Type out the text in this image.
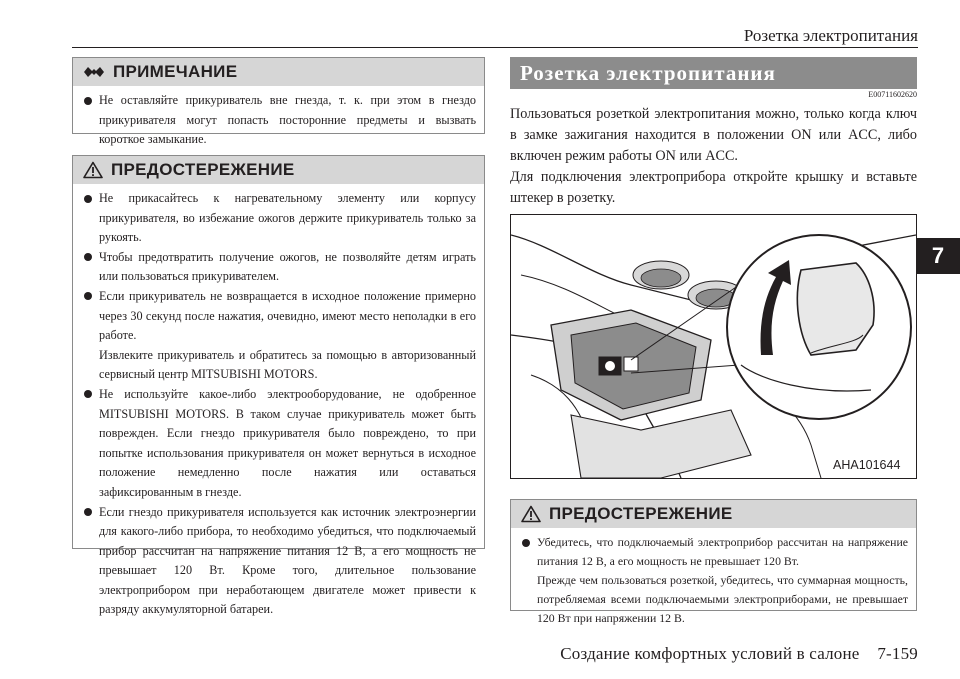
Розетка электропитания
7
ПРИМЕЧАНИЕ
Не оставляйте прикуриватель вне гнезда, т. к. при этом в гнездо прикуривателя могут попасть посторонние предметы и вызвать короткое замыкание.
ПРЕДОСТЕРЕЖЕНИЕ
Не прикасайтесь к нагревательному элементу или корпусу прикуривателя, во избежание ожогов держите прикуриватель только за рукоять.
Чтобы предотвратить получение ожогов, не позволяйте детям играть или пользоваться прикуривателем.
Если прикуриватель не возвращается в исходное положение примерно через 30 секунд после нажатия, очевидно, имеют место неполадки в его работе.
Извлеките прикуриватель и обратитесь за помощью в авторизованный сервисный центр MITSUBISHI MOTORS.
Не используйте какое-либо электрооборудование, не одобренное MITSUBISHI MOTORS. В таком случае прикуриватель может быть поврежден. Если гнездо прикуривателя было повреждено, то при попытке использования прикуривателя он может вернуться в исходное положение немедленно после нажатия или оставаться зафиксированным в гнезде.
Если гнездо прикуривателя используется как источник электроэнергии для какого-либо прибора, то необходимо убедиться, что подключаемый прибор рассчитан на напряжение питания 12 В, а его мощность не превышает 120 Вт. Кроме того, длительное пользование электроприбором при неработающем двигателе может привести к разряду аккумуляторной батареи.
Розетка электропитания
E00711602620

Пользоваться розеткой электропитания можно, только когда ключ в замке зажигания находится в положении ON или ACC, либо включен режим работы ON или ACC.

Для подключения электроприбора откройте крышку и вставьте штекер в розетку.

AHA101644
ПРЕДОСТЕРЕЖЕНИЕ
Убедитесь, что подключаемый электроприбор рассчитан на напряжение питания 12 В, а его мощность не превышает 120 Вт.
Прежде чем пользоваться розеткой, убедитесь, что суммарная мощность, потребляемая всеми подключаемыми электроприборами, не превышает 120 Вт при напряжении 12 В.
Создание комфортных условий в салоне    7-159
